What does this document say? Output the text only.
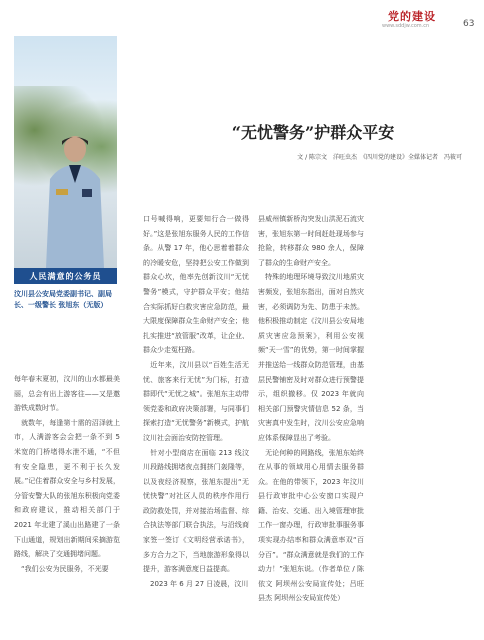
党的建设
www.sddjw.com.cn	63
人民满意的公务员
汶川县公安局党委副书记、副局长、一级警长 张旭东（无版）
“无忧警务”护群众平安
文 / 陈宗文　洋旺虫杰　《四川党的建设》全媒体记者　冯筱可
每年春末夏初，汶川的山水都最美丽，总会有出上游客往——又是邀游铁成数时节。
　就数年，每逢第十需的沼泽就上市，人满游客会会把一条不到 5 米宽的门桥堵得水泄不通，“不但有安全隐患，更不利于长久发展。”记住着群众安全与乡村发展，分管安警大队的张旭东积极向党委和政府建议，推动相关部门于 2021 年北建了溪山出路建了一条下山通道，规划出新期间采摘游览路线，解决了交通拥堵问题。
　“我们公安为民服务，不光要
口号喊得响，更要知行合一做得好。”这是张旭东服务人民的工作信条。从警 17 年，他心思着着群众的冷暖安危，坚持把公安工作做到群众心坎，他率先创新汶川“无忧警务”模式，守护群众平安；他结合实际抓好白救灾害应急防范，最大限度保障群众生命财产安全；他扎实推进“放管服”改革，让企业、群众少走冤枉路。
　近年来，汶川县以“百姓生活无忧、旅客来行无忧”为门标，打造群即代“无忧之城”。张旭东主动带领党委和政府决策部署，与同事们探索打造“无忧警务”新模式，护航汶川社会面治安防控管理。
　针对小型商店在面临 213 线汶川段路线拥堵夜点拥挤门轰隆等，以及夜经济视察，张旭东提出“无忧快警”对社区人员的秩序作用行政防救处罚，并对接治场监督、综合执法等部门联合执法，与沿线商家签一签订《文明经营承诺书》，多方合力之下，当地旅游形象得以提升，游客满意度日益提高。
　2023 年 6 月 27 日凌晨，汶川
县威州镇新桥沟突发山洪泥石流灾害，张旭东第一时间赶赴现场参与抢险，转移群众 980 余人，保障了群众的生命财产安全。
　特殊的地理环境导致汶川地质灾害频发，张旭东指出，面对自然灾害，必须调防为先、防患于未然。他积极推动制定《汶川县公安局地质灾害应急预案》，利用公安视频“天一雪”的优势，第一时间掌握并推送给一线群众防范管理，由基层民警铺密及时对群众进行预警提示，组织撤移。仅 2023 年就向相关部门预警灾情信息 52 条，当灾害真中发生时，汶川公安应急响应体系保障显出了考验。
　无论何种的网路线，张旭东始终在从事的领域用心用情去服务群众。在他的带领下，2023 年汶川县行政审批中心公安窗口实现户籍、治安、交通、出入境管理审批工作一窗办理，行政审批事服务事项实现办结率和群众满意率双“百分百”。“群众满意就是我们的工作动力！”张旭东说。（作者单位 / 陈依文 阿坝州公安局宣传处；吕旺县杰 阿坝州公安局宣传处）
